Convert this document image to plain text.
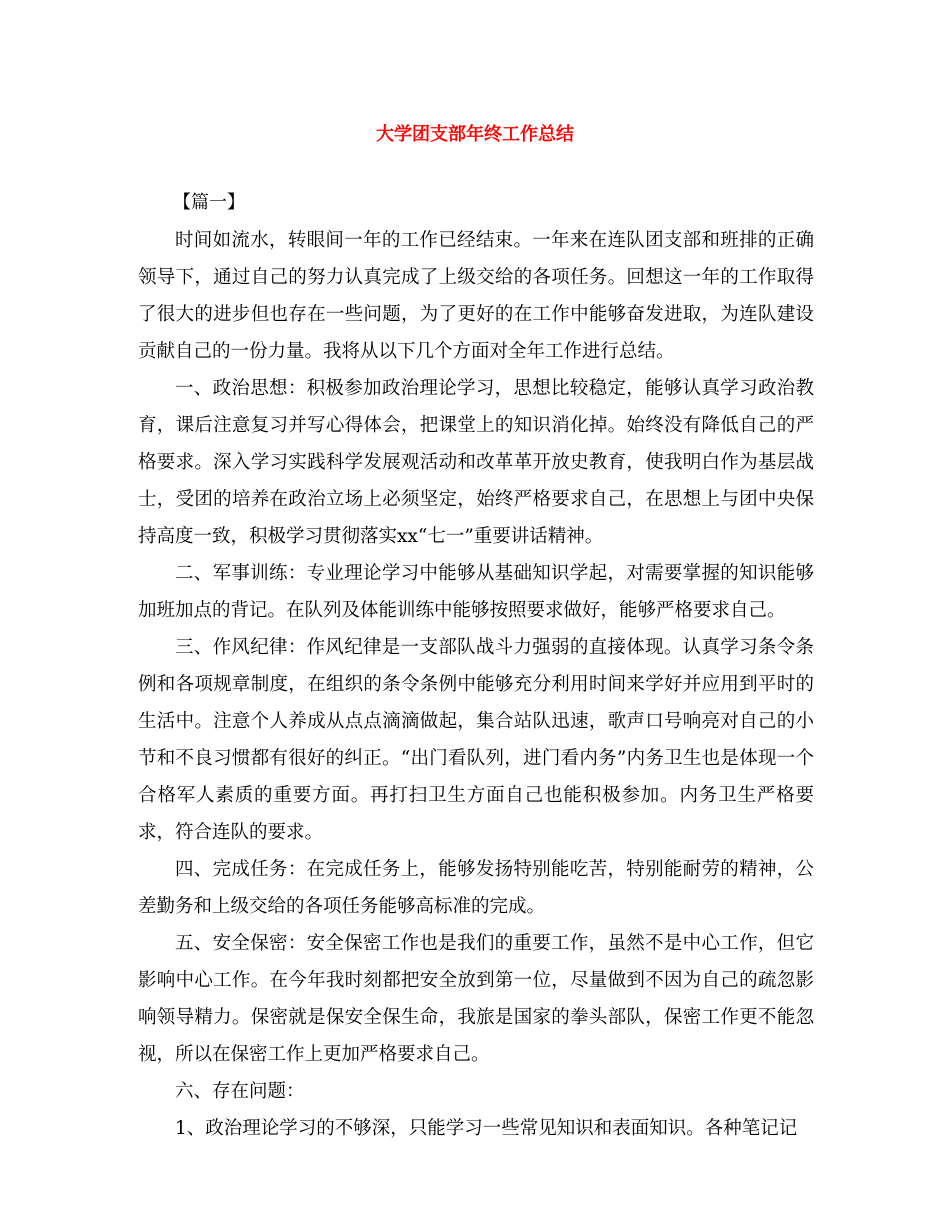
大学团支部年终工作总结

【篇一】

时间如流水，转眼间一年的工作已经结束。一年来在连队团支部和班排的正确领导下，通过自己的努力认真完成了上级交给的各项任务。回想这一年的工作取得了很大的进步但也存在一些问题，为了更好的在工作中能够奋发进取，为连队建设贡献自己的一份力量。我将从以下几个方面对全年工作进行总结。

一、政治思想：积极参加政治理论学习，思想比较稳定，能够认真学习政治教育，课后注意复习并写心得体会，把课堂上的知识消化掉。始终没有降低自己的严格要求。深入学习实践科学发展观活动和改革革开放史教育，使我明白作为基层战士，受团的培养在政治立场上必须坚定，始终严格要求自己，在思想上与团中央保持高度一致，积极学习贯彻落实xx“七一”重要讲话精神。

二、军事训练：专业理论学习中能够从基础知识学起，对需要掌握的知识能够加班加点的背记。在队列及体能训练中能够按照要求做好，能够严格要求自己。

三、作风纪律：作风纪律是一支部队战斗力强弱的直接体现。认真学习条令条例和各项规章制度，在组织的条令条例中能够充分利用时间来学好并应用到平时的生活中。注意个人养成从点点滴滴做起，集合站队迅速，歌声口号响亮对自己的小节和不良习惯都有很好的纠正。“出门看队列，进门看内务”内务卫生也是体现一个合格军人素质的重要方面。再打扫卫生方面自己也能积极参加。内务卫生严格要求，符合连队的要求。

四、完成任务：在完成任务上，能够发扬特别能吃苦，特别能耐劳的精神，公差勤务和上级交给的各项任务能够高标准的完成。

五、安全保密：安全保密工作也是我们的重要工作，虽然不是中心工作，但它影响中心工作。在今年我时刻都把安全放到第一位，尽量做到不因为自己的疏忽影响领导精力。保密就是保安全保生命，我旅是国家的拳头部队，保密工作更不能忽视，所以在保密工作上更加严格要求自己。

六、存在问题：

1、政治理论学习的不够深，只能学习一些常见知识和表面知识。各种笔记记
